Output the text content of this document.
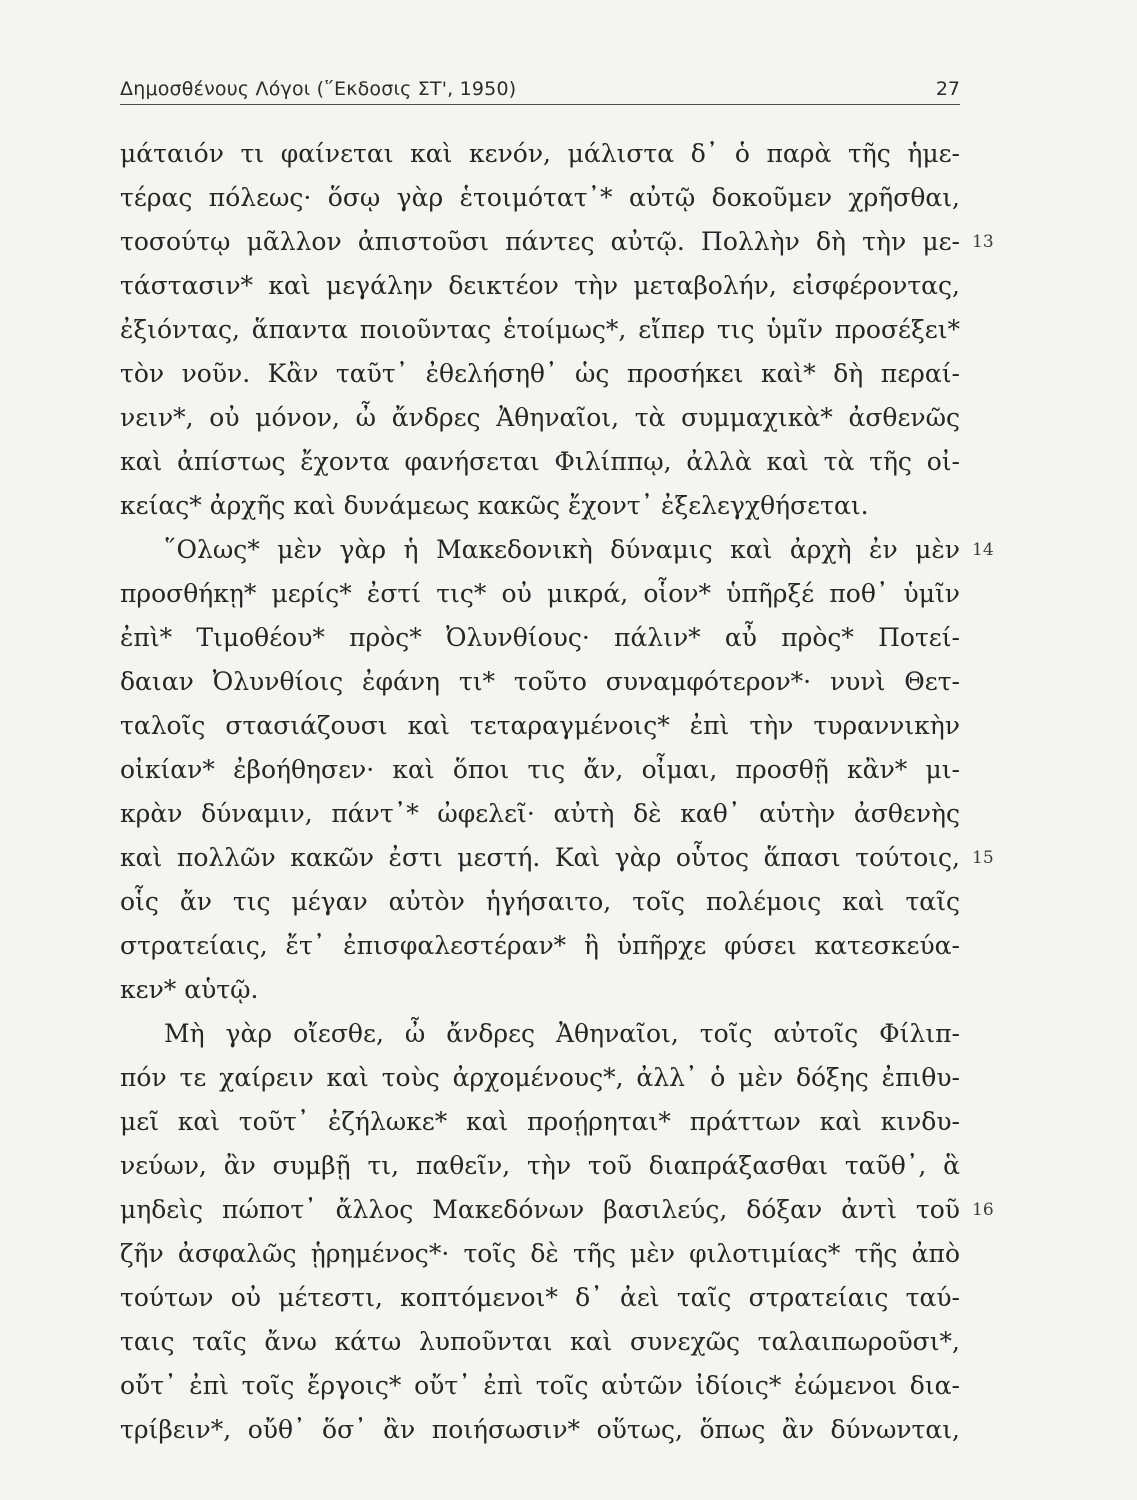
Δημοσθένους Λόγοι (῞Εκδοσις ΣΤ', 1950)	27
μάταιόν τι φαίνεται καὶ κενόν, μάλιστα δ᾽ ὁ παρὰ τῆς ἡμε-
τέρας πόλεως· ὅσῳ γὰρ ἑτοιμότατ᾽* αὐτῷ δοκοῦμεν χρῆσθαι,
τοσούτῳ μᾶλλον ἀπιστοῦσι πάντες αὐτῷ. Πολλὴν δὴ τὴν με-
τάστασιν* καὶ μεγάλην δεικτέον τὴν μεταβολήν, εἰσφέροντας,
ἐξιόντας, ἅπαντα ποιοῦντας ἑτοίμως*, εἴπερ τις ὑμῖν προσέξει*
τὸν νοῦν. Κἂν ταῦτ᾽ ἐθελήσηθ᾽ ὡς προσήκει καὶ* δὴ περαί-
νειν*, οὐ μόνον, ὦ ἄνδρες Ἀθηναῖοι, τὰ συμμαχικὰ* ἀσθενῶς
καὶ ἀπίστως ἔχοντα φανήσεται Φιλίππῳ, ἀλλὰ καὶ τὰ τῆς οἰ-
κείας* ἀρχῆς καὶ δυνάμεως κακῶς ἔχοντ᾽ ἐξελεγχθήσεται.
῞Ολως* μὲν γὰρ ἡ Μακεδονικὴ δύναμις καὶ ἀρχὴ ἐν μὲν
προσθήκῃ* μερίς* ἐστί τις* οὐ μικρά, οἷον* ὑπῆρξέ ποθ᾽ ὑμῖν
ἐπὶ* Τιμοθέου* πρὸς* Ὀλυνθίους· πάλιν* αὖ πρὸς* Ποτεί-
δαιαν Ὀλυνθίοις ἐφάνη τι* τοῦτο συναμφότερον*· νυνὶ Θετ-
ταλοῖς στασιάζουσι καὶ τεταραγμένοις* ἐπὶ τὴν τυραννικὴν
οἰκίαν* ἐβοήθησεν· καὶ ὅποι τις ἄν, οἶμαι, προσθῇ κἂν* μι-
κρὰν δύναμιν, πάντ᾽* ὠφελεῖ· αὐτὴ δὲ καθ᾽ αὑτὴν ἀσθενὴς
καὶ πολλῶν κακῶν ἐστι μεστή. Καὶ γὰρ οὗτος ἅπασι τούτοις,
οἷς ἄν τις μέγαν αὐτὸν ἡγήσαιτο, τοῖς πολέμοις καὶ ταῖς
στρατείαις, ἔτ᾽ ἐπισφαλεστέραν* ἢ ὑπῆρχε φύσει κατεσκεύα-
κεν* αὑτῷ.
Μὴ γὰρ οἴεσθε, ὦ ἄνδρες Ἀθηναῖοι, τοῖς αὐτοῖς Φίλιπ-
πόν τε χαίρειν καὶ τοὺς ἀρχομένους*, ἀλλ᾽ ὁ μὲν δόξης ἐπιθυ-
μεῖ καὶ τοῦτ᾽ ἐζήλωκε* καὶ προῄρηται* πράττων καὶ κινδυ-
νεύων, ἂν συμβῇ τι, παθεῖν, τὴν τοῦ διαπράξασθαι ταῦθ᾽, ἃ
μηδεὶς πώποτ᾽ ἄλλος Μακεδόνων βασιλεύς, δόξαν ἀντὶ τοῦ
ζῆν ἀσφαλῶς ᾑρημένος*· τοῖς δὲ τῆς μὲν φιλοτιμίας* τῆς ἀπὸ
τούτων οὐ μέτεστι, κοπτόμενοι* δ᾽ ἀεὶ ταῖς στρατείαις ταύ-
ταις ταῖς ἄνω κάτω λυποῦνται καὶ συνεχῶς ταλαιπωροῦσι*,
οὔτ᾽ ἐπὶ τοῖς ἔργοις* οὔτ᾽ ἐπὶ τοῖς αὑτῶν ἰδίοις* ἐώμενοι δια-
τρίβειν*, οὔθ᾽ ὅσ᾽ ἂν ποιήσωσιν* οὕτως, ὅπως ἂν δύνωνται,
13
14
15
16
